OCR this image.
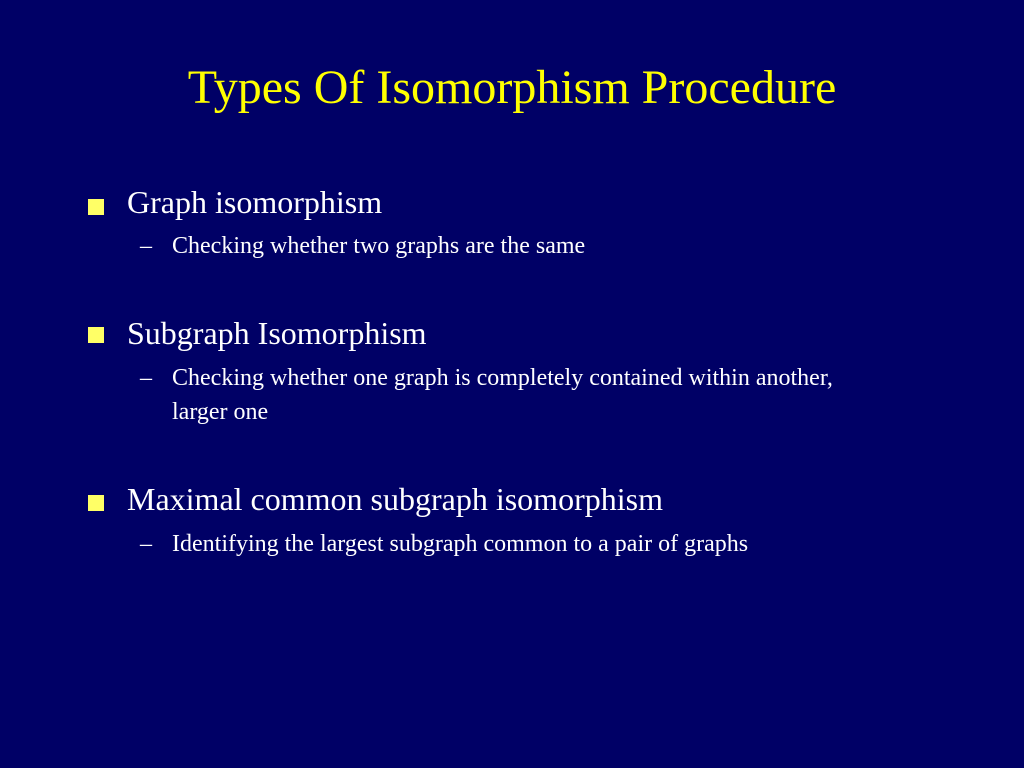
Types Of Isomorphism Procedure
Graph isomorphism
– Checking whether two graphs are the same
Subgraph Isomorphism
– Checking whether one graph is completely contained within another, larger one
Maximal common subgraph isomorphism
– Identifying the largest subgraph common to a pair of graphs
